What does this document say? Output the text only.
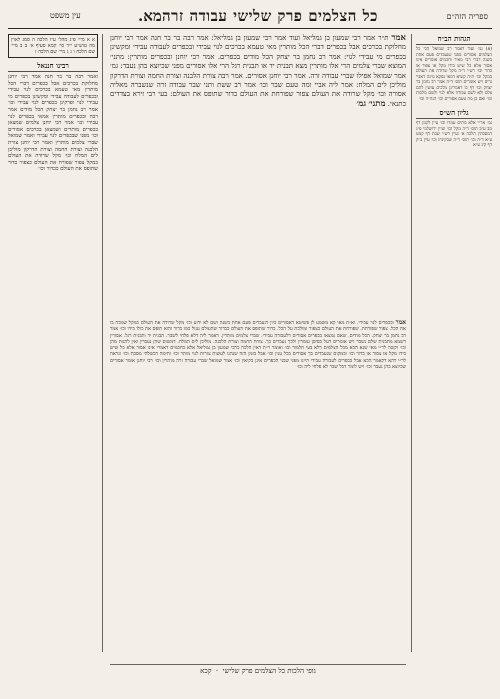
ספריה הזה״ם
כל הצלמים פרק שלישי עבודה זרה
מא.
עין משפט
הגהות הב״ח

(א) גמ׳ ועוד דאמר רב שמואל הכי כל הצלמים אסורים מפני שנעבדים פעם אחת בשנה דברי רבי מאיר וחכמים אומרים אינו אסור אלא כל שיש בידו מקל או צפור או כדור וכו׳ רש״י ד״ה מקל שרודה את העולם כמקל וכו׳ ת״ה קשיא דמאי נפקא מינה דאביי גריס ויש אומרים תוס׳ ד״ה אמר רב נחמן בר יצחק וכו׳ דף כו דאמרינן מלכים עושין להם צלם ולא לשם עבודה אלא לנוי ולשם מלכות וכו׳ ואם כן מה טעם אסורים וכו׳ הגה״ה וכו׳

גליון הש״ס

גמ׳ אר״י אלא מתים עמדו וכו׳ עיין לקמן דף מב ע״ב תוס׳ ד״ה מקל וכו׳ ועיין ירושלמי פ״ג דמסכתין הלכה א׳ ועיין רש״י שבת דף קמט ע״א ד״ה וכו׳ תוס׳ ד״ה שבקינהו וכו׳ עיין ב״ק דף קיג ע״א

אמר ת״ר אמר רבי שמעון בן גמליאל ועוד אמר רבי שמעון בן גמליאל: אמר רבה בר בר חנה אמר רבי יוחנן מחלוקת בכרכים אבל בכפרים דברי הכל מותרין מאי טעמא בכרכים לנוי עבידי ובכפרים לעבודה עבידי ומקשינן בכפרים מי עבידי לנוי: אמר רב נחמן בר יצחק הכל מודים בכפרים. אמר רבי יוחנן ובכפרים מותרין: מתני׳ המוצא שברי צלמים הרי אלו מותרין מצא תבנית יד או תבנית רגל הרי אלו אסורים מפני שכיוצא בהן נעבד: גמ׳ אמר שמואל אפילו שברי עבודה זרה. אמר רבי יוחנן אסורים. אמר רבה צורת הלבנה וצורת החמה וצורת הדרקון מוליכן לים המלח: אמר ליה אביי ומה טעם שבר וכו׳ אמר רב ששת ותני שבר עבודה זרה שנשברה מאליה אסורה וכו׳ מקל שרודה את העולם צפור שפורחת את העולם כדור שתופס את העולם: בעי רבי זירא בצדדים כתנאי. מתני׳ גמ׳

אמר ובכפרים לנוי עבידי. וא״ת מאי קא משמע לן פשיטא דאסורים כיון דנעבדים פעם אחת בשנה ושם לא ידוע וכו׳ מקל שרודה את העולם כמקל שמכה בו את הכל. צפור שפורחת. שפורחת את העולם כצפור ומולכת על הכל. כדור שתופס את העולם ככדור שהעולם עגול כמו כדור והוא תופס את כולו בידו וכו׳ אמר רב נחמן בר יצחק. הכל מודים. שאם נמצאו בכפרים אסורים דלעבודה עבידי. שברי צלמים מותרין. דאמר ליה דלא פלחי לשבר. תבנית יד ותבנית רגל. אסורין דשמא מתבנית שלם נשבר ויש אומרים דעל בסיסן עומדין ולכך נעבדים כך. צורת החמה וצורת הלבנה. מוליכן לים המלח. דמשום שהן נעבדין ואין להנות מהן וכו׳ וקשה לר״י מאי שנא הכא מכל הצלמים דלא בעי תלמוד וכו׳ ואומר ר״ת דאין הלכה כרבי שמעון בן גמליאל אלא כחכמים דאמרי אינו אסור אלא כל שיש בידו מקל או צפור או כדור וכו׳ ובמקום שנעבדים כך אסורים בכל ענין וכו׳ אבל בזמן הזה שנהגו לעשות צורות לנוי מותר וכו׳ ותימה דבשלהי מסכת וכו׳ ונראה לר״י דהא דקאמר הכא אבל בכפרים לעבודה עבידי היינו מפני שבני הכפרים אינן בקיאין וכו׳ אמר שמואל שברי עבודה זרה מותרין וכו׳ רבי יוחנן אומר אסורים שכיוצא בהן נעבד וכו׳ ויש לומר דכל שבר לא פלחי ליה וכו׳

א א מיי׳ פ״ג מהל׳ ע״ז הלכה ה סמג לאוין מה טוש״ע י״ד סי׳ קמא סעיף א׳ ב ב מיי׳ שם הלכה ו ג ג מיי׳ שם הלכה ז

רבינו חננאל

ואמר רבה בר בר חנה אמר רבי יוחנן מחלוקת בכרכים אבל בכפרים דברי הכל מותרין מאי טעמא בכרכים לנוי עבידי ובכפרים לעבודה עבידי ומקשינן בכפרים מי עבידי לנוי ופרקינן בכפרים לנוי עבידי וכו׳ אמר רב נחמן בר יצחק הכל מודים אמר רבה ובכפרים מותרין אמאי בכפרים לנוי עבידי וכו׳ אמר רבי יוחנן צלמים שמצאן בכפרים מותרים ושמצאן בכרכים אסורים וכו׳ מפני שבכפרים לנוי עבידי ואמר שמואל שברי צלמים מותרין ואמר רבי יוחנן צורת הלבנה וצורת החמה וצורת הדרקון מוליכן לים המלח וכו׳ מקל שרודה את העולם כמקל צפור שפורח את העולם כצפור כדור שתופס את העולם ככדור וכו׳

גופי הלכות כל הצלמים פרק שלישי  ·  קכא
